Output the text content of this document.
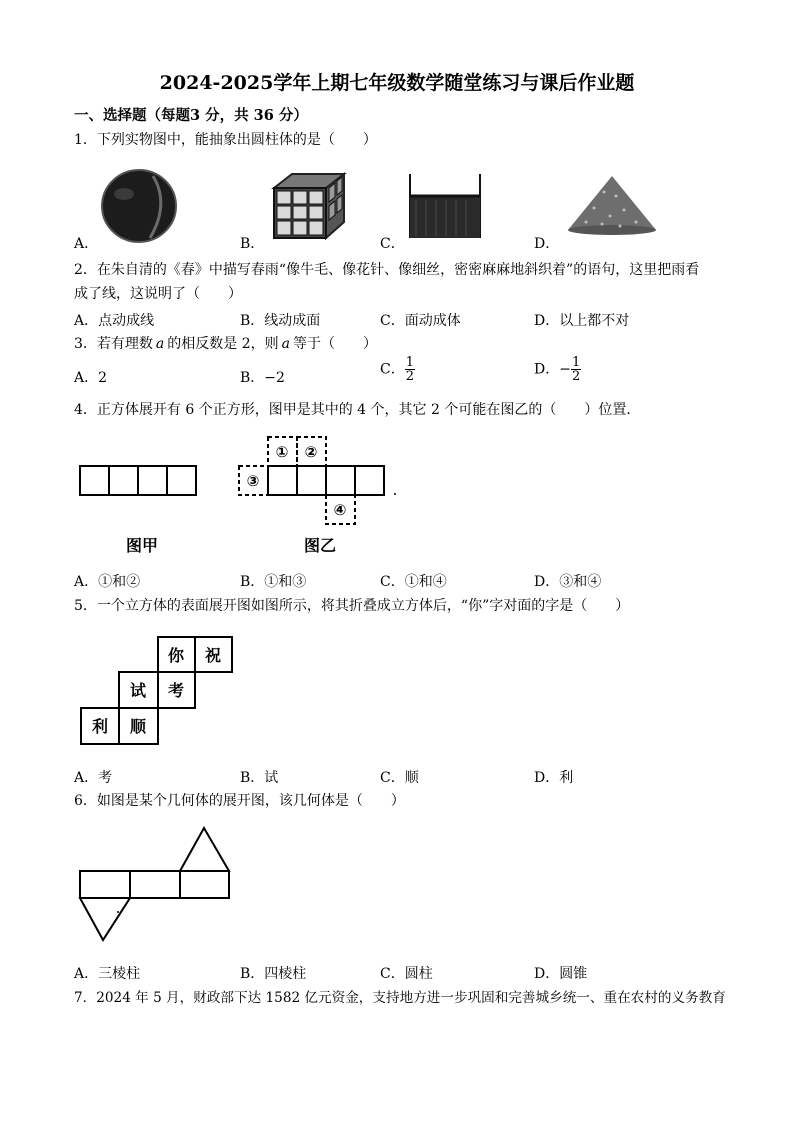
2024-2025学年上期七年级数学随堂练习与课后作业题
一、选择题（每题3 分，共 36 分）
1．下列实物图中，能抽象出圆柱体的是（　　）
A．	B．	C．	D．
2．在朱自清的《春》中描写春雨“像牛毛、像花针、像细丝，密密麻麻地斜织着”的语句，这里把雨看
成了线，这说明了（　　）
A．点动成线	B．线动成面	C．面动成体	D．以上都不对
3．若有理数 a 的相反数是 2，则 a 等于（　　）
A．2	B．−2
C． $\frac{1}{2}$	D．− $\frac{1}{2}$
4．正方体展开有 6 个正方形，图甲是其中的 4 个，其它 2 个可能在图乙的（　　）位置．
① ②
③
④
图甲	图乙
A．①和②	B．①和③	C．①和④	D．③和④
5．一个立方体的表面展开图如图所示，将其折叠成立方体后，“你”字对面的字是（　　）
你 祝
试 考
利 顺
A．考	B．试	C．顺	D．利
6．如图是某个几何体的展开图，该几何体是（　　）
A．三棱柱	B．四棱柱	C．圆柱	D．圆锥
7．2024 年 5 月，财政部下达 1582 亿元资金，支持地方进一步巩固和完善城乡统一、重在农村的义务教育
